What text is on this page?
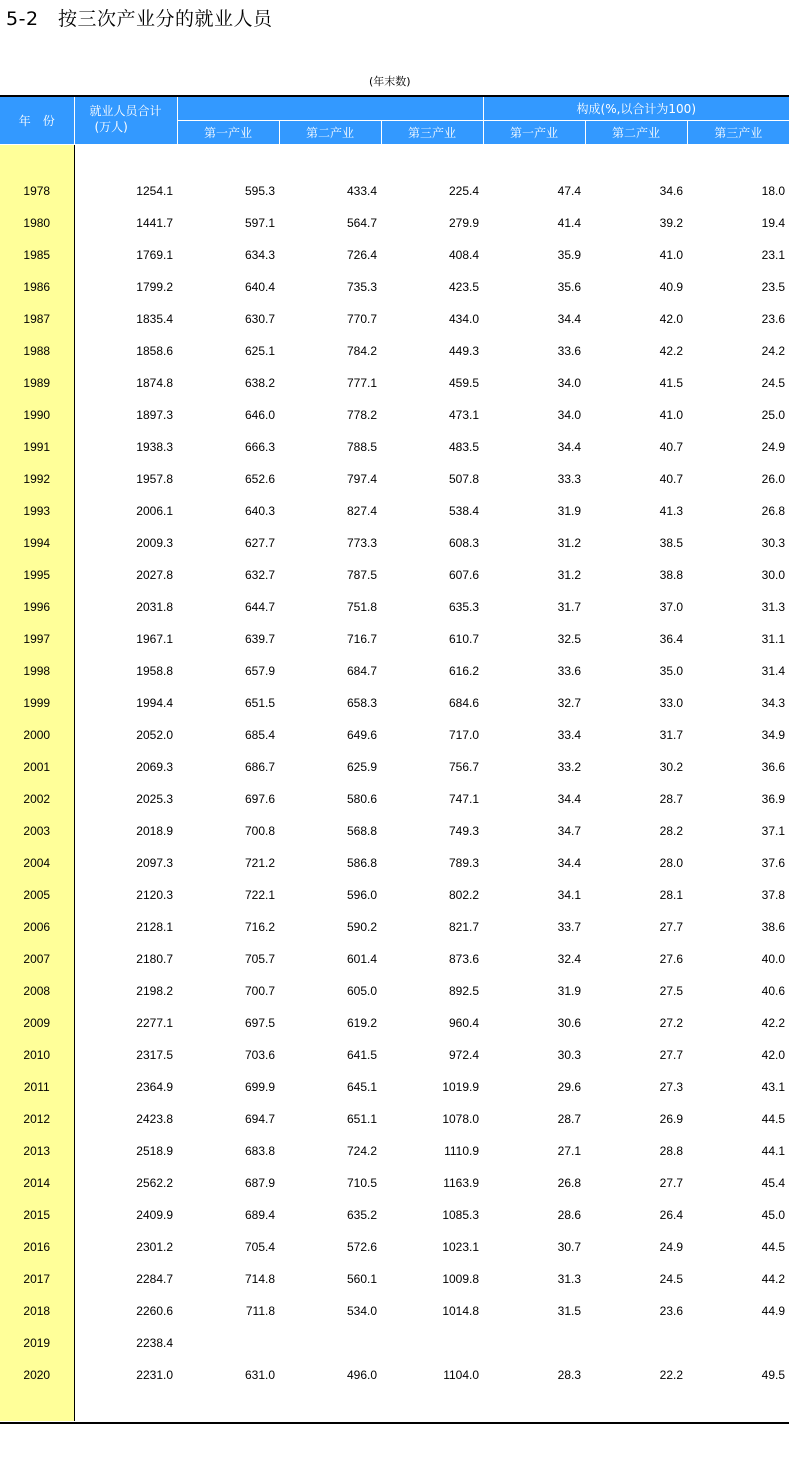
5-2　按三次产业分的就业人员
(年末数)
年　份	就业人员合计
(万人)				构成(%,以合计为100)		
		第一产业	第二产业	第三产业	第一产业	第二产业	第三产业

1978	1254.1	595.3	433.4	225.4	47.4	34.6	18.0
1980	1441.7	597.1	564.7	279.9	41.4	39.2	19.4
1985	1769.1	634.3	726.4	408.4	35.9	41.0	23.1
1986	1799.2	640.4	735.3	423.5	35.6	40.9	23.5
1987	1835.4	630.7	770.7	434.0	34.4	42.0	23.6
1988	1858.6	625.1	784.2	449.3	33.6	42.2	24.2
1989	1874.8	638.2	777.1	459.5	34.0	41.5	24.5
1990	1897.3	646.0	778.2	473.1	34.0	41.0	25.0
1991	1938.3	666.3	788.5	483.5	34.4	40.7	24.9
1992	1957.8	652.6	797.4	507.8	33.3	40.7	26.0
1993	2006.1	640.3	827.4	538.4	31.9	41.3	26.8
1994	2009.3	627.7	773.3	608.3	31.2	38.5	30.3
1995	2027.8	632.7	787.5	607.6	31.2	38.8	30.0
1996	2031.8	644.7	751.8	635.3	31.7	37.0	31.3
1997	1967.1	639.7	716.7	610.7	32.5	36.4	31.1
1998	1958.8	657.9	684.7	616.2	33.6	35.0	31.4
1999	1994.4	651.5	658.3	684.6	32.7	33.0	34.3
2000	2052.0	685.4	649.6	717.0	33.4	31.7	34.9
2001	2069.3	686.7	625.9	756.7	33.2	30.2	36.6
2002	2025.3	697.6	580.6	747.1	34.4	28.7	36.9
2003	2018.9	700.8	568.8	749.3	34.7	28.2	37.1
2004	2097.3	721.2	586.8	789.3	34.4	28.0	37.6
2005	2120.3	722.1	596.0	802.2	34.1	28.1	37.8
2006	2128.1	716.2	590.2	821.7	33.7	27.7	38.6
2007	2180.7	705.7	601.4	873.6	32.4	27.6	40.0
2008	2198.2	700.7	605.0	892.5	31.9	27.5	40.6
2009	2277.1	697.5	619.2	960.4	30.6	27.2	42.2
2010	2317.5	703.6	641.5	972.4	30.3	27.7	42.0
2011	2364.9	699.9	645.1	1019.9	29.6	27.3	43.1
2012	2423.8	694.7	651.1	1078.0	28.7	26.9	44.5
2013	2518.9	683.8	724.2	1110.9	27.1	28.8	44.1
2014	2562.2	687.9	710.5	1163.9	26.8	27.7	45.4
2015	2409.9	689.4	635.2	1085.3	28.6	26.4	45.0
2016	2301.2	705.4	572.6	1023.1	30.7	24.9	44.5
2017	2284.7	714.8	560.1	1009.8	31.3	24.5	44.2
2018	2260.6	711.8	534.0	1014.8	31.5	23.6	44.9
2019	2238.4						
2020	2231.0	631.0	496.0	1104.0	28.3	22.2	49.5
